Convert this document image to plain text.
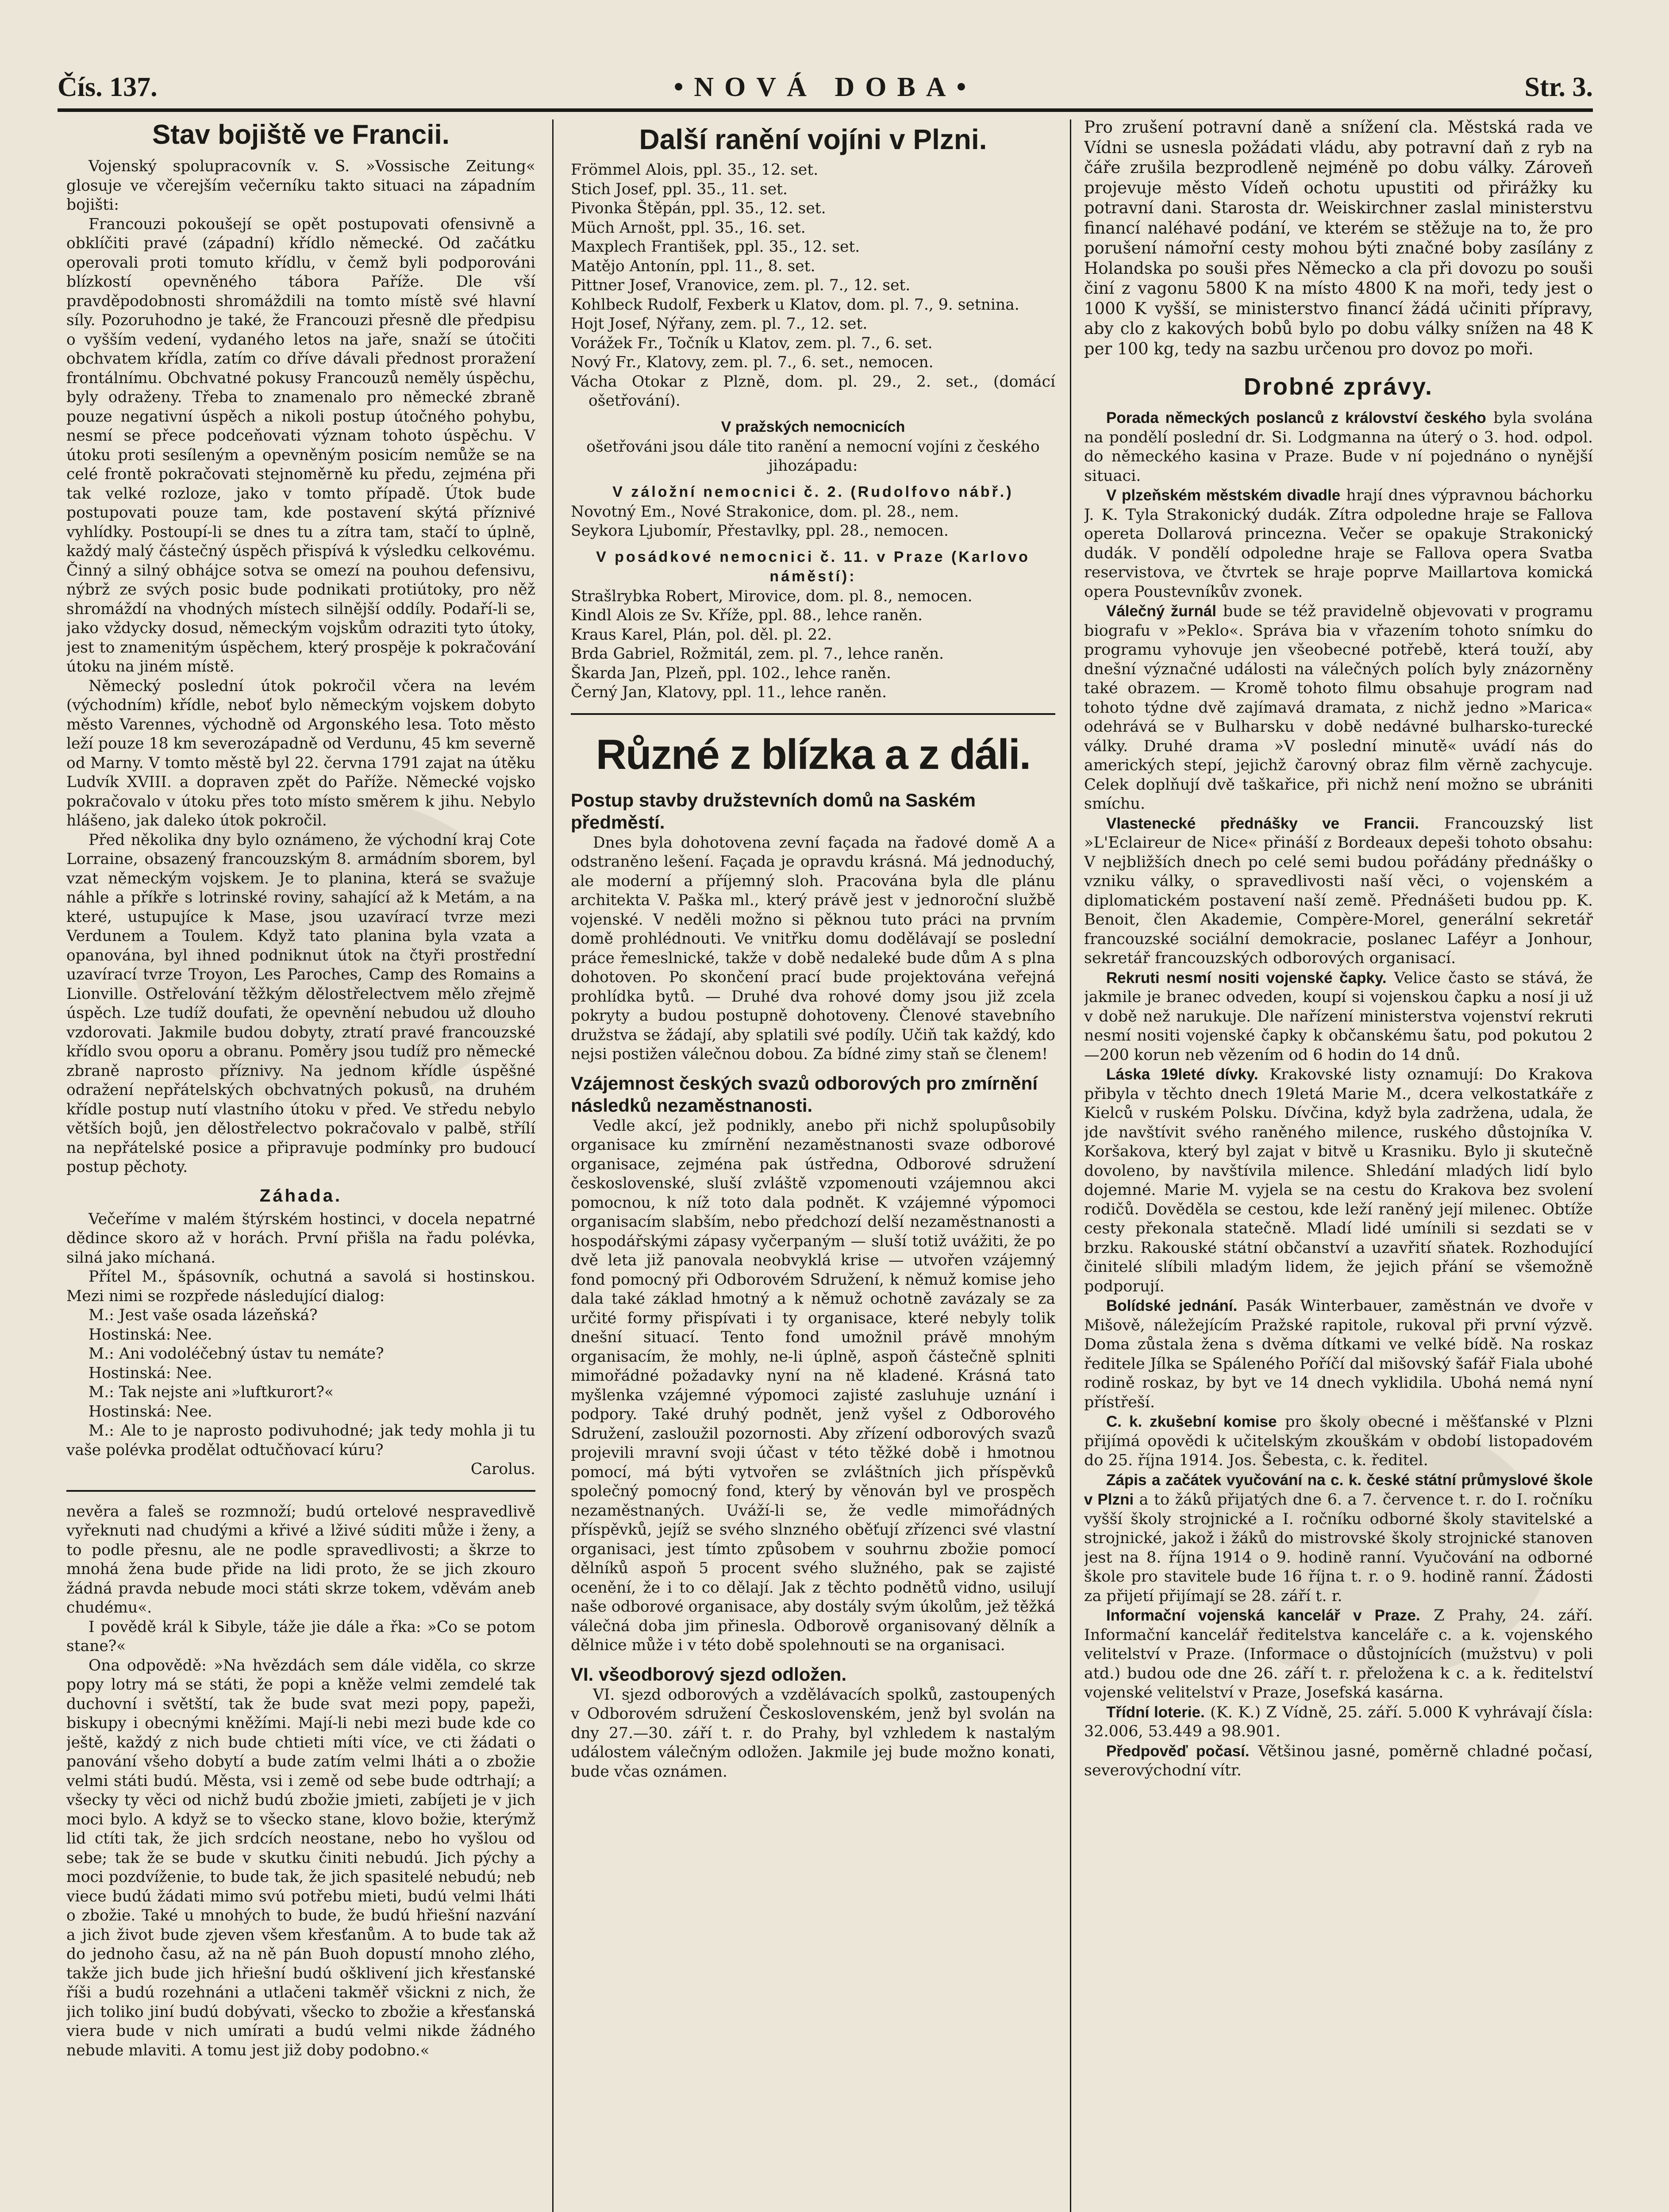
Čís. 137.	•NOVÁ DOBA•	Str. 3.
Stav bojiště ve Francii.

Vojenský spolupracovník v. S. »Vossische Zeitung« glosuje ve včerejším večerníku takto situaci na západním bojišti:

Francouzi pokoušejí se opět postupovati ofensivně a obklíčiti pravé (západní) křídlo německé. Od začátku operovali proti tomuto křídlu, v čemž byli podporováni blízkostí opevněného tábora Paříže. Dle vší pravděpodobnosti shromáždili na tomto místě své hlavní síly. Pozoruhodno je také, že Francouzi přesně dle předpisu o vyšším vedení, vydaného letos na jaře, snaží se útočiti obchvatem křídla, zatím co dříve dávali přednost proražení frontálnímu. Obchvatné pokusy Francouzů neměly úspěchu, byly odraženy. Třeba to znamenalo pro německé zbraně pouze negativní úspěch a nikoli postup útočného pohybu, nesmí se přece podceňovati význam tohoto úspěchu. V útoku proti sesíleným a opevněným posicím nemůže se na celé frontě pokračovati stejnoměrně ku předu, zejména při tak velké rozloze, jako v tomto případě. Útok bude postupovati pouze tam, kde postavení skýtá příznivé vyhlídky. Postoupí-li se dnes tu a zítra tam, stačí to úplně, každý malý částečný úspěch přispívá k výsledku celkovému. Činný a silný obhájce sotva se omezí na pouhou defensivu, nýbrž ze svých posic bude podnikati protiútoky, pro něž shromáždí na vhodných místech silnější oddíly. Podaří-li se, jako vždycky dosud, německým vojskům odraziti tyto útoky, jest to znamenitým úspěchem, který prospěje k pokračování útoku na jiném místě.

Německý poslední útok pokročil včera na levém (východním) křídle, neboť bylo německým vojskem dobyto město Varennes, východně od Argonského lesa. Toto město leží pouze 18 km severozápadně od Verdunu, 45 km severně od Marny. V tomto městě byl 22. června 1791 zajat na útěku Ludvík XVIII. a dopraven zpět do Paříže. Německé vojsko pokračovalo v útoku přes toto místo směrem k jihu. Nebylo hlášeno, jak daleko útok pokročil.

Před několika dny bylo oznámeno, že východní kraj Cote Lorraine, obsazený francouzským 8. armádním sborem, byl vzat německým vojskem. Je to planina, která se svažuje náhle a příkře s lotrinské roviny, sahající až k Metám, a na které, ustupujíce k Mase, jsou uzavírací tvrze mezi Verdunem a Toulem. Když tato planina byla vzata a opanována, byl ihned podniknut útok na čtyři prostřední uzavírací tvrze Troyon, Les Paroches, Camp des Romains a Lionville. Ostřelování těžkým dělostřelectvem mělo zřejmě úspěch. Lze tudíž doufati, že opevnění nebudou už dlouho vzdorovati. Jakmile budou dobyty, ztratí pravé francouzské křídlo svou oporu a obranu. Poměry jsou tudíž pro německé zbraně naprosto příznivy. Na jednom křídle úspěšné odražení nepřátelských obchvatných pokusů, na druhém křídle postup nutí vlastního útoku v před. Ve středu nebylo větších bojů, jen dělostřelectvo pokračovalo v palbě, střílí na nepřátelské posice a připravuje podmínky pro budoucí postup pěchoty.

Záhada.

Večeříme v malém štýrském hostinci, v docela nepatrné dědince skoro až v horách. První přišla na řadu polévka, silná jako míchaná.

Přítel M., špásovník, ochutná a savolá si hostinskou. Mezi nimi se rozpřede následující dialog:

M.: Jest vaše osada lázeňská?

Hostinská: Nee.

M.: Ani vodoléčebný ústav tu nemáte?

Hostinská: Nee.

M.: Tak nejste ani »luftkurort?«

Hostinská: Nee.

M.: Ale to je naprosto podivuhodné; jak tedy mohla ji tu vaše polévka prodělat odtučňovací kúru?

Carolus.

nevěra a faleš se rozmnoží; budú ortelové nespravedlivě vyřeknuti nad chudými a křivé a lživé súditi může i ženy, a to podle přesnu, ale ne podle spravedlivosti; a škrze to mnohá žena bude přide na lidi proto, že se jich zkouro žádná pravda nebude moci státi skrze tokem, vděvám aneb chudému«.

I povědě král k Sibyle, táže jie dále a řka: »Co se potom stane?«

Ona odpovědě: »Na hvězdách sem dále viděla, co skrze popy lotry má se státi, že popi a kněže velmi zemdelé tak duchovní i světští, tak že bude svat mezi popy, papeži, biskupy i obecnými kněžími. Mají-li nebi mezi bude kde co ještě, každý z nich bude chtieti míti více, ve cti žádati o panování všeho dobytí a bude zatím velmi lháti a o zbožie velmi státi budú. Města, vsi i země od sebe bude odtrhají; a všecky ty věci od nichž budú zbožie jmieti, zabíjeti je v jich moci bylo. A když se to všecko stane, klovo božie, kterýmž lid ctíti tak, že jich srdcích neostane, nebo ho vyšlou od sebe; tak že se bude v skutku činiti nebudú. Jich pýchy a moci pozdvíženie, to bude tak, že jich spasitelé nebudú; neb viece budú žádati mimo svú potřebu mieti, budú velmi lháti o zbožie. Také u mnohých to bude, že budú hřiešní nazvání a jich život bude zjeven všem křesťanům. A to bude tak až do jednoho času, až na ně pán Buoh dopustí mnoho zlého, takže jich bude jich hřiešní budú ošklivení jich křesťanské říši a budú rozehnáni a utlačeni takměř všickni z nich, že jich toliko jiní budú dobývati, všecko to zbožie a křesťanská viera bude v nich umírati a budú velmi nikde žádného nebude mlaviti. A tomu jest již doby podobno.«

Další ranění vojíni v Plzni.

Frömmel Alois, ppl. 35., 12. set.

Stich Josef, ppl. 35., 11. set.

Pivonka Štěpán, ppl. 35., 12. set.

Müch Arnošt, ppl. 35., 16. set.

Maxplech František, ppl. 35., 12. set.

Matějo Antonín, ppl. 11., 8. set.

Pittner Josef, Vranovice, zem. pl. 7., 12. set.

Kohlbeck Rudolf, Fexberk u Klatov, dom. pl. 7., 9. setnina.

Hojt Josef, Nýřany, zem. pl. 7., 12. set.

Vorážek Fr., Točník u Klatov, zem. pl. 7., 6. set.

Nový Fr., Klatovy, zem. pl. 7., 6. set., nemocen.

Vácha Otokar z Plzně, dom. pl. 29., 2. set., (domácí ošetřování).

V pražských nemocnicích

ošetřováni jsou dále tito ranění a nemocní vojíni z českého jihozápadu:

V záložní nemocnici č. 2. (Rudolfovo nábř.)

Novotný Em., Nové Strakonice, dom. pl. 28., nem.

Seykora Ljubomír, Přestavlky, ppl. 28., nemocen.

V posádkové nemocnici č. 11. v Praze (Karlovo náměstí):

Strašlrybka Robert, Mirovice, dom. pl. 8., nemocen.

Kindl Alois ze Sv. Kříže, ppl. 88., lehce raněn.

Kraus Karel, Plán, pol. děl. pl. 22.

Brda Gabriel, Rožmitál, zem. pl. 7., lehce raněn.

Škarda Jan, Plzeň, ppl. 102., lehce raněn.

Černý Jan, Klatovy, ppl. 11., lehce raněn.

Různé z blízka a z dáli.
Postup stavby družstevních domů na Saském předměstí.

Dnes byla dohotovena zevní façada na řadové domě A a odstraněno lešení. Façada je opravdu krásná. Má jednoduchý, ale moderní a příjemný sloh. Pracována byla dle plánu architekta V. Paška ml., který právě jest v jednoroční službě vojenské. V neděli možno si pěknou tuto práci na prvním domě prohlédnouti. Ve vnitřku domu dodělávají se poslední práce řemeslnické, takže v době nedaleké bude dům A s plna dohotoven. Po skončení prací bude projektována veřejná prohlídka bytů. — Druhé dva rohové domy jsou již zcela pokryty a budou postupně dohotoveny. Členové stavebního družstva se žádají, aby splatili své podíly. Učiň tak každý, kdo nejsi postižen válečnou dobou. Za bídné zimy staň se členem!

Vzájemnost českých svazů odborových pro zmírnění následků nezaměstnanosti.

Vedle akcí, jež podnikly, anebo při nichž spolupůsobily organisace ku zmírnění nezaměstnanosti svaze odborové organisace, zejména pak ústředna, Odborové sdružení československé, sluší zvláště vzpomenouti vzájemnou akci pomocnou, k níž toto dala podnět. K vzájemné výpomoci organisacím slabším, nebo předchozí delší nezaměstnanosti a hospodářskými zápasy vyčerpaným — sluší totiž uvážiti, že po dvě leta již panovala neobvyklá krise — utvořen vzájemný fond pomocný při Odborovém Sdružení, k němuž komise jeho dala také základ hmotný a k němuž ochotně zavázaly se za určité formy přispívati i ty organisace, které nebyly tolik dnešní situací. Tento fond umožnil právě mnohým organisacím, že mohly, ne-li úplně, aspoň částečně splniti mimořádné požadavky nyní na ně kladené. Krásná tato myšlenka vzájemné výpomoci zajisté zasluhuje uznání i podpory. Také druhý podnět, jenž vyšel z Odborového Sdružení, zasloužil pozornosti. Aby zřízení odborových svazů projevili mravní svoji účast v této těžké době i hmotnou pomocí, má býti vytvořen se zvláštních jich příspěvků společný pomocný fond, který by věnován byl ve prospěch nezaměstnaných. Uváží-li se, že vedle mimořádných příspěvků, jejíž se svého slnzného oběťují zřízenci své vlastní organisaci, jest tímto způsobem v souhrnu zbožie pomocí dělníků aspoň 5 procent svého služného, pak se zajisté ocenění, že i to co dělají. Jak z těchto podnětů vidno, usilují naše odborové organisace, aby dostály svým úkolům, jež těžká válečná doba jim přinesla. Odborově organisovaný dělník a dělnice může i v této době spolehnouti se na organisaci.

VI. všeodborový sjezd odložen.

VI. sjezd odborových a vzdělávacích spolků, zastoupených v Odborovém sdružení Československém, jenž byl svolán na dny 27.—30. září t. r. do Prahy, byl vzhledem k nastalým událostem válečným odložen. Jakmile jej bude možno konati, bude včas oznámen.

Pro zrušení potravní daně a snížení cla. Městská rada ve Vídni se usnesla požádati vládu, aby potravní daň z ryb na čáře zrušila bezprodleně nejméně po dobu války. Zároveň projevuje město Vídeň ochotu upustiti od přirážky ku potravní dani. Starosta dr. Weiskirchner zaslal ministerstvu financí naléhavé podání, ve kterém se stěžuje na to, že pro porušení námořní cesty mohou býti značné boby zasílány z Holandska po souši přes Německo a cla při dovozu po souši činí z vagonu 5800 K na místo 4800 K na moři, tedy jest o 1000 K vyšší, se ministerstvo financí žádá učiniti přípravy, aby clo z kakových bobů bylo po dobu války snížen na 48 K per 100 kg, tedy na sazbu určenou pro dovoz po moři.

Drobné zprávy.

Porada německých poslanců z království českého byla svolána na pondělí poslední dr. Si. Lodgmanna na úterý o 3. hod. odpol. do německého kasina v Praze. Bude v ní pojednáno o nynější situaci.

V plzeňském městském divadle hrají dnes výpravnou báchorku J. K. Tyla Strakonický dudák. Zítra odpoledne hraje se Fallova opereta Dollarová princezna. Večer se opakuje Strakonický dudák. V pondělí odpoledne hraje se Fallova opera Svatba reservistova, ve čtvrtek se hraje poprve Maillartova komická opera Poustevníkův zvonek.

Válečný žurnál bude se též pravidelně objevovati v programu biografu v »Peklo«. Správa bia v vřazením tohoto snímku do programu vyhovuje jen všeobecné potřebě, která touží, aby dnešní význačné události na válečných polích byly znázorněny také obrazem. — Kromě tohoto filmu obsahuje program nad tohoto týdne dvě zajímavá dramata, z nichž jedno »Marica« odehrává se v Bulharsku v době nedávné bulharsko-turecké války. Druhé drama »V poslední minutě« uvádí nás do amerických stepí, jejichž čarovný obraz film věrně zachycuje. Celek doplňují dvě taškařice, při nichž není možno se ubrániti smíchu.

Vlastenecké přednášky ve Francii. Francouzský list »L'Eclaireur de Nice« přináší z Bordeaux depeši tohoto obsahu: V nejbližších dnech po celé semi budou pořádány přednášky o vzniku války, o spravedlivosti naší věci, o vojenském a diplomatickém postavení naší země. Přednášeti budou pp. K. Benoit, člen Akademie, Compère-Morel, generální sekretář francouzské sociální demokracie, poslanec Laféyr a Jonhour, sekretář francouzských odborových organisací.

Rekruti nesmí nositi vojenské čapky. Velice často se stává, že jakmile je branec odveden, koupí si vojenskou čapku a nosí ji už v době než narukuje. Dle nařízení ministerstva vojenství rekruti nesmí nositi vojenské čapky k občanskému šatu, pod pokutou 2—200 korun neb vězením od 6 hodin do 14 dnů.

Láska 19leté dívky. Krakovské listy oznamují: Do Krakova přibyla v těchto dnech 19letá Marie M., dcera velkostatkáře z Kielců v ruském Polsku. Dívčina, když byla zadržena, udala, že jde navštívit svého raněného milence, ruského důstojníka V. Koršakova, který byl zajat v bitvě u Krasniku. Bylo ji skutečně dovoleno, by navštívila milence. Shledání mladých lidí bylo dojemné. Marie M. vyjela se na cestu do Krakova bez svolení rodičů. Dověděla se cestou, kde leží raněný její milenec. Obtíže cesty překonala statečně. Mladí lidé umínili si sezdati se v brzku. Rakouské státní občanství a uzavřití sňatek. Rozhodující činitelé slíbili mladým lidem, že jejich přání se všemožně podporují.

Bolídské jednání. Pasák Winterbauer, zaměstnán ve dvoře v Mišově, náležejícím Pražské rapitole, rukoval při první výzvě. Doma zůstala žena s dvěma dítkami ve velké bídě. Na roskaz ředitele Jílka se Spáleného Poříčí dal mišovský šafář Fiala ubohé rodině roskaz, by byt ve 14 dnech vyklidila. Ubohá nemá nyní přístřeší.

C. k. zkušební komise pro školy obecné i měšťanské v Plzni přijímá opovědi k učitelským zkouškám v období listopadovém do 25. října 1914. Jos. Šebesta, c. k. ředitel.

Zápis a začátek vyučování na c. k. české státní průmyslové škole v Plzni a to žáků přijatých dne 6. a 7. července t. r. do I. ročníku vyšší školy strojnické a I. ročníku odborné školy stavitelské a strojnické, jakož i žáků do mistrovské školy strojnické stanoven jest na 8. října 1914 o 9. hodině ranní. Vyučování na odborné škole pro stavitele bude 16 října t. r. o 9. hodině ranní. Žádosti za přijetí přijímají se 28. září t. r.

Informační vojenská kancelář v Praze. Z Prahy, 24. září. Informační kancelář ředitelstva kanceláře c. a k. vojenského velitelství v Praze. (Informace o důstojnících (mužstvu) v poli atd.) budou ode dne 26. září t. r. přeložena k c. a k. ředitelství vojenské velitelství v Praze, Josefská kasárna.

Třídní loterie. (K. K.) Z Vídně, 25. září. 5.000 K vyhrávají čísla: 32.006, 53.449 a 98.901.

Předpověď počasí. Většinou jasné, poměrně chladné počasí, severovýchodní vítr.
